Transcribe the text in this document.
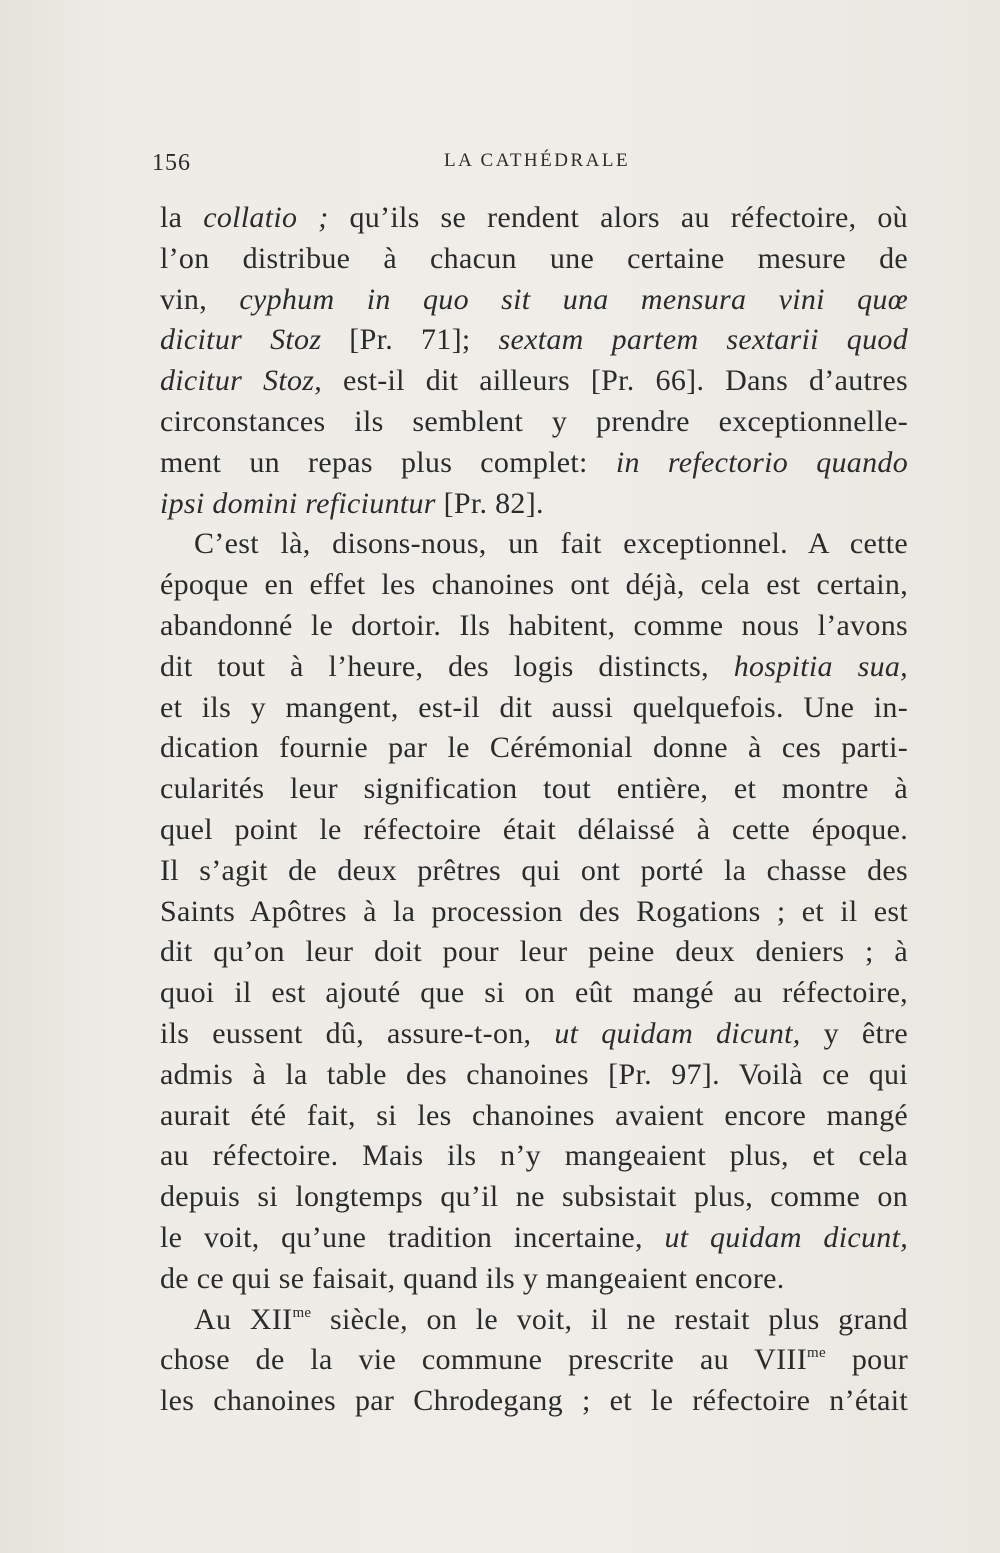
156	LA CATHÉDRALE
la collatio ; qu’ils se rendent alors au réfectoire, où
l’on distribue à chacun une certaine mesure de
vin, cyphum in quo sit una mensura vini quœ
dicitur Stoz [Pr. 71]; sextam partem sextarii quod
dicitur Stoz, est-il dit ailleurs [Pr. 66]. Dans d’autres
circonstances ils semblent y prendre exceptionnelle-
ment un repas plus complet: in refectorio quando
ipsi domini reficiuntur [Pr. 82].
C’est là, disons-nous, un fait exceptionnel. A cette
époque en effet les chanoines ont déjà, cela est certain,
abandonné le dortoir. Ils habitent, comme nous l’avons
dit tout à l’heure, des logis distincts, hospitia sua,
et ils y mangent, est-il dit aussi quelquefois. Une in-
dication fournie par le Cérémonial donne à ces parti-
cularités leur signification tout entière, et montre à
quel point le réfectoire était délaissé à cette époque.
Il s’agit de deux prêtres qui ont porté la chasse des
Saints Apôtres à la procession des Rogations ; et il est
dit qu’on leur doit pour leur peine deux deniers ; à
quoi il est ajouté que si on eût mangé au réfectoire,
ils eussent dû, assure-t-on, ut quidam dicunt, y être
admis à la table des chanoines [Pr. 97]. Voilà ce qui
aurait été fait, si les chanoines avaient encore mangé
au réfectoire. Mais ils n’y mangeaient plus, et cela
depuis si longtemps qu’il ne subsistait plus, comme on
le voit, qu’une tradition incertaine, ut quidam dicunt,
de ce qui se faisait, quand ils y mangeaient encore.
Au $XII^{me}$ siècle, on le voit, il ne restait plus grand
chose de la vie commune prescrite au $VIII^{me}$ pour
les chanoines par Chrodegang ; et le réfectoire n’était
